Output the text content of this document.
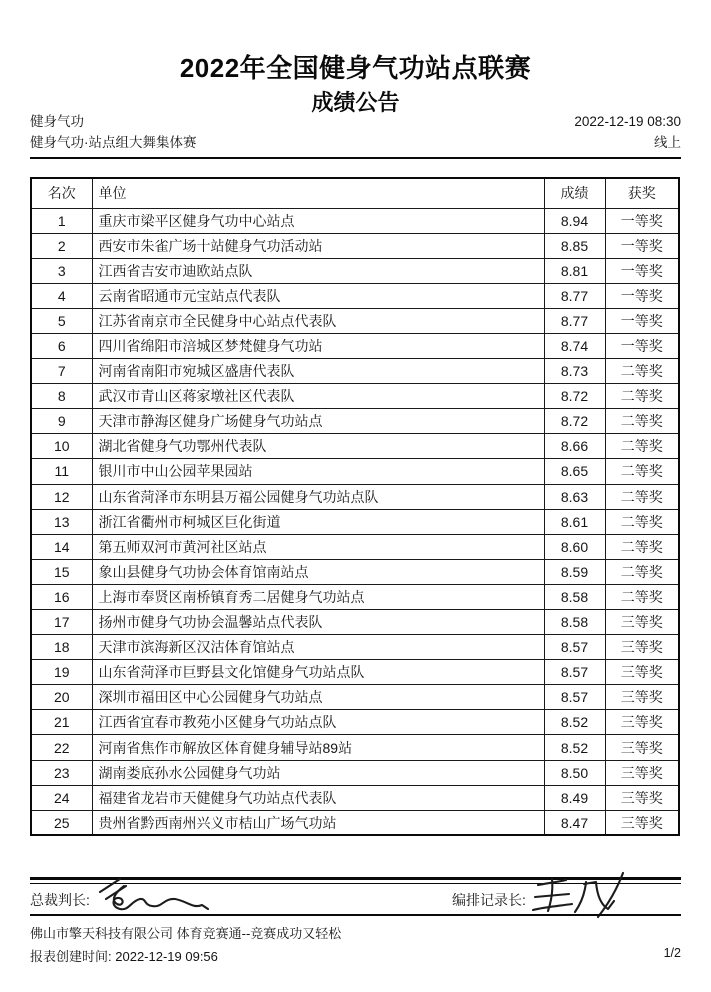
2022年全国健身气功站点联赛
成绩公告
健身气功	2022-12-19 08:30
健身气功·站点组大舞集体赛	线上
名次	单位	成绩	获奖
1	重庆市梁平区健身气功中心站点	8.94	一等奖
2	西安市朱雀广场十站健身气功活动站	8.85	一等奖
3	江西省吉安市迪欧站点队	8.81	一等奖
4	云南省昭通市元宝站点代表队	8.77	一等奖
5	江苏省南京市全民健身中心站点代表队	8.77	一等奖
6	四川省绵阳市涪城区梦梵健身气功站	8.74	一等奖
7	河南省南阳市宛城区盛唐代表队	8.73	二等奖
8	武汉市青山区蒋家墩社区代表队	8.72	二等奖
9	天津市静海区健身广场健身气功站点	8.72	二等奖
10	湖北省健身气功鄂州代表队	8.66	二等奖
11	银川市中山公园苹果园站	8.65	二等奖
12	山东省菏泽市东明县万福公园健身气功站点队	8.63	二等奖
13	浙江省衢州市柯城区巨化街道	8.61	二等奖
14	第五师双河市黄河社区站点	8.60	二等奖
15	象山县健身气功协会体育馆南站点	8.59	二等奖
16	上海市奉贤区南桥镇育秀二居健身气功站点	8.58	二等奖
17	扬州市健身气功协会温馨站点代表队	8.58	三等奖
18	天津市滨海新区汉沽体育馆站点	8.57	三等奖
19	山东省菏泽市巨野县文化馆健身气功站点队	8.57	三等奖
20	深圳市福田区中心公园健身气功站点	8.57	三等奖
21	江西省宜春市教苑小区健身气功站点队	8.52	三等奖
22	河南省焦作市解放区体育健身辅导站89站	8.52	三等奖
23	湖南娄底孙水公园健身气功站	8.50	三等奖
24	福建省龙岩市天健健身气功站点代表队	8.49	三等奖
25	贵州省黔西南州兴义市桔山广场气功站	8.47	三等奖
总裁判长:	编排记录长:
佛山市擎天科技有限公司 体育竞赛通--竞赛成功又轻松
报表创建时间: 2022-12-19 09:56	1/2
